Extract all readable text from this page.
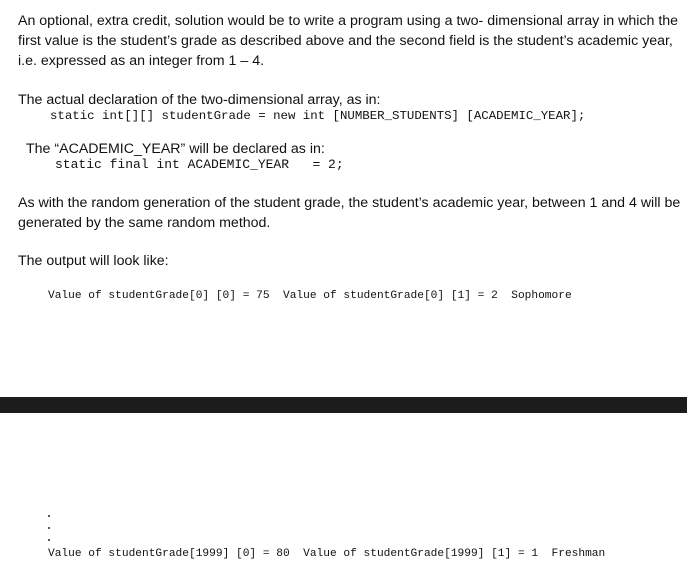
An optional, extra credit, solution would be to write a program using a two- dimensional array in which the first value is the student’s grade as described above and the second field is the student’s academic year, i.e. expressed as an integer from 1 – 4.

The actual declaration of the two-dimensional array, as in:

static int[][] studentGrade = new int [NUMBER_STUDENTS] [ACADEMIC_YEAR];

The “ACADEMIC_YEAR” will be declared as in:

static final int ACADEMIC_YEAR   = 2;

As with the random generation of the student grade, the student’s academic year, between 1 and 4 will be generated by the same random method.

The output will look like:

Value of studentGrade[0] [0] = 75  Value of studentGrade[0] [1] = 2  Sophomore
Value of studentGrade[1999] [0] = 80  Value of studentGrade[1999] [1] = 1  Freshman
